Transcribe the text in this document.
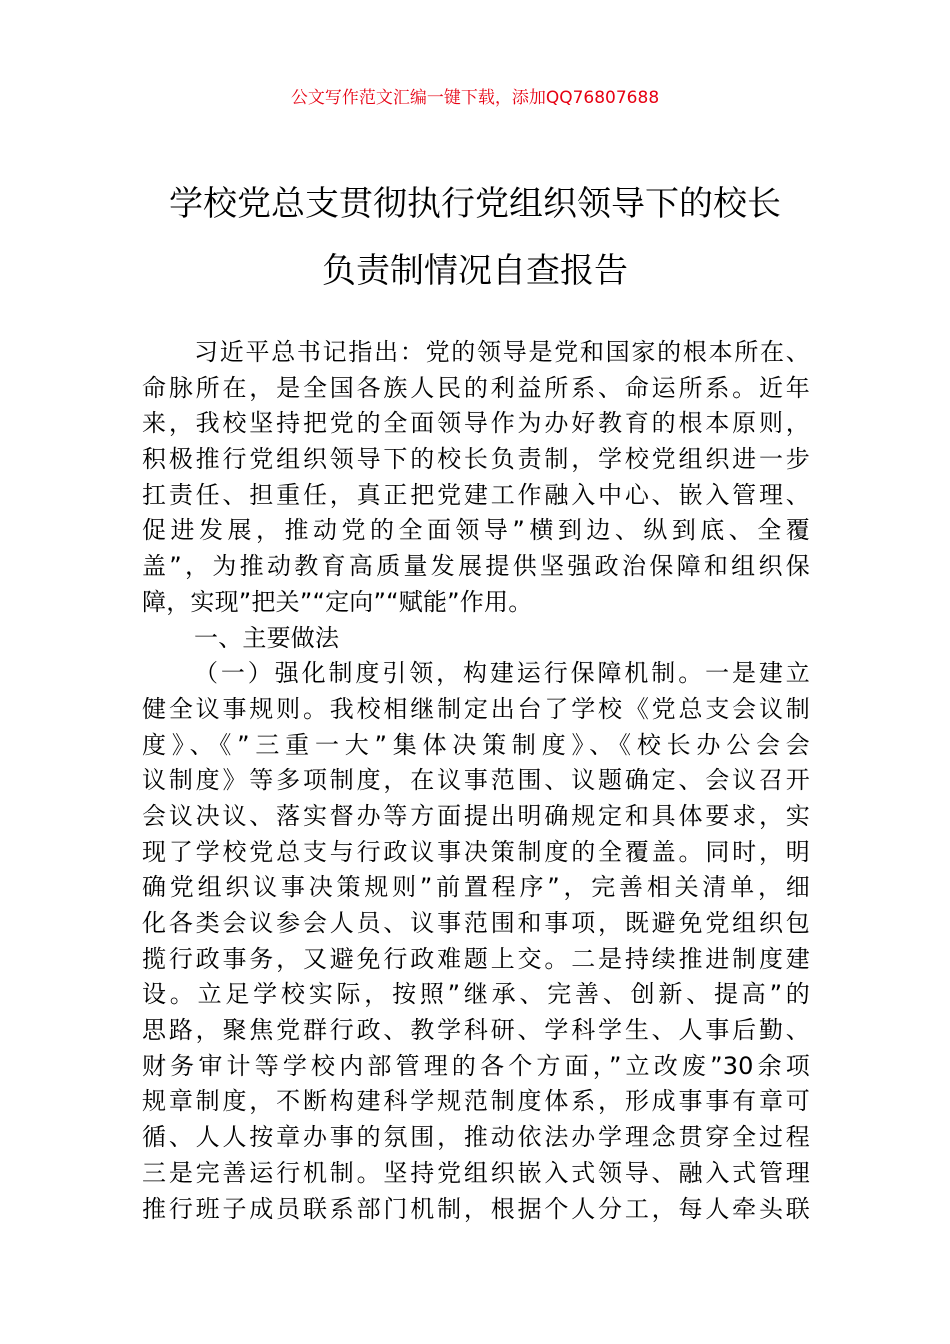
公文写作范文汇编一键下载，添加QQ76807688
学校党总支贯彻执行党组织领导下的校长
负责制情况自查报告
习近平总书记指出：党的领导是党和国家的根本所在、
命脉所在，是全国各族人民的利益所系、命运所系。近年
来，我校坚持把党的全面领导作为办好教育的根本原则，
积极推行党组织领导下的校长负责制，学校党组织进一步
扛责任、担重任，真正把党建工作融入中心、嵌入管理、
促进发展，推动党的全面领导”横到边、纵到底、全覆
盖”，为推动教育高质量发展提供坚强政治保障和组织保
障，实现”把关”“定向”“赋能”作用。
一、主要做法
（一）强化制度引领，构建运行保障机制。一是建立
健全议事规则。我校相继制定出台了学校《党总支会议制
度》、《”三重一大”集体决策制度》、《校长办公会会
议制度》等多项制度，在议事范围、议题确定、会议召开
会议决议、落实督办等方面提出明确规定和具体要求，实
现了学校党总支与行政议事决策制度的全覆盖。同时，明
确党组织议事决策规则”前置程序”，完善相关清单，细
化各类会议参会人员、议事范围和事项，既避免党组织包
揽行政事务，又避免行政难题上交。二是持续推进制度建
设。立足学校实际，按照”继承、完善、创新、提高”的
思路，聚焦党群行政、教学科研、学科学生、人事后勤、
财务审计等学校内部管理的各个方面，”立改废”30余项
规章制度，不断构建科学规范制度体系，形成事事有章可
循、人人按章办事的氛围，推动依法办学理念贯穿全过程
三是完善运行机制。坚持党组织嵌入式领导、融入式管理
推行班子成员联系部门机制，根据个人分工，每人牵头联
